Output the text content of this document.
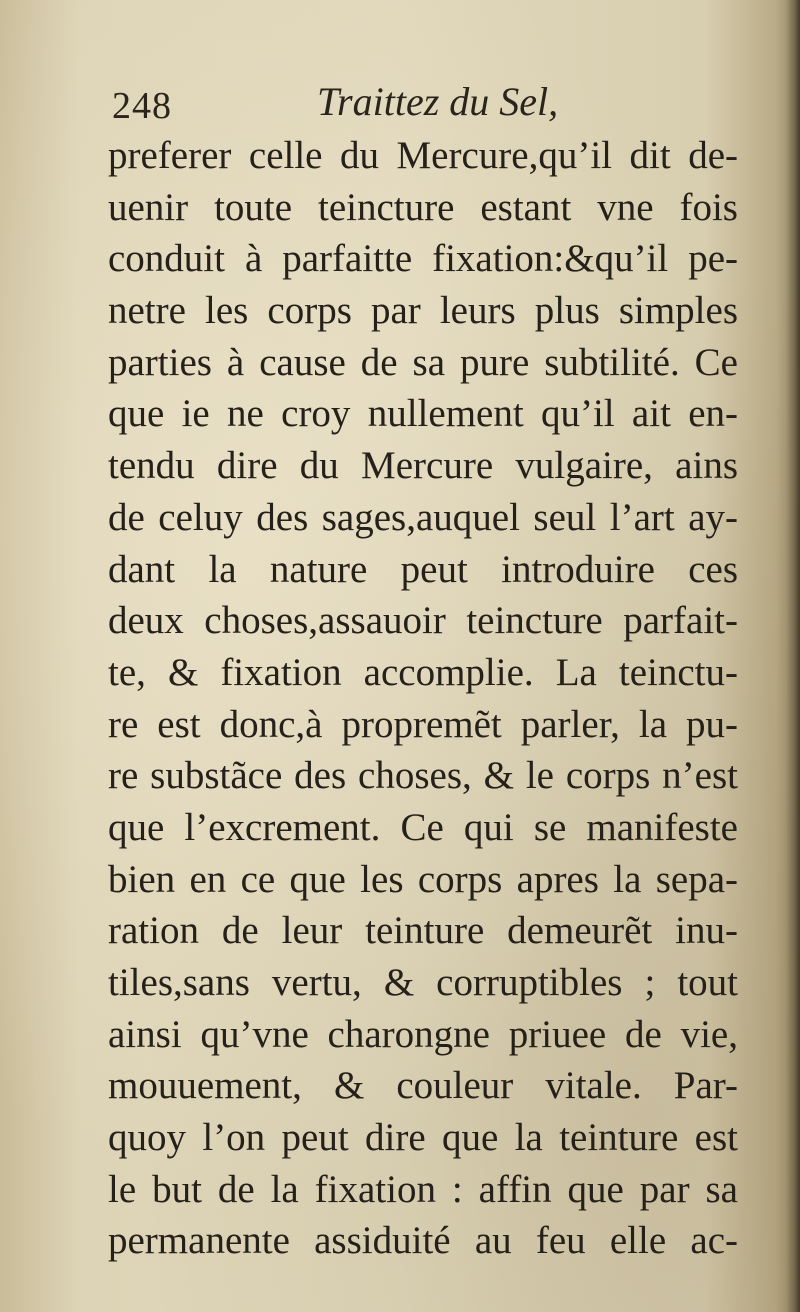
248	Traittez du Sel,
preferer celle du Mercure,qu’il dit de-
uenir toute teincture estant vne fois
conduit à parfaitte fixation:&qu’il pe-
netre les corps par leurs plus simples
parties à cause de sa pure subtilité. Ce
que ie ne croy nullement qu’il ait en-
tendu dire du Mercure vulgaire, ains
de celuy des sages,auquel seul l’art ay-
dant la nature peut introduire ces
deux choses,assauoir teincture parfait-
te, & fixation accomplie. La teinctu-
re est donc,à propremẽt parler, la pu-
re substãce des choses, & le corps n’est
que l’excrement. Ce qui se manifeste
bien en ce que les corps apres la sepa-
ration de leur teinture demeurẽt inu-
tiles,sans vertu, & corruptibles ; tout
ainsi qu’vne charongne priuee de vie,
mouuement, & couleur vitale. Par-
quoy l’on peut dire que la teinture est
le but de la fixation : affin que par sa
permanente assiduité au feu elle ac-
